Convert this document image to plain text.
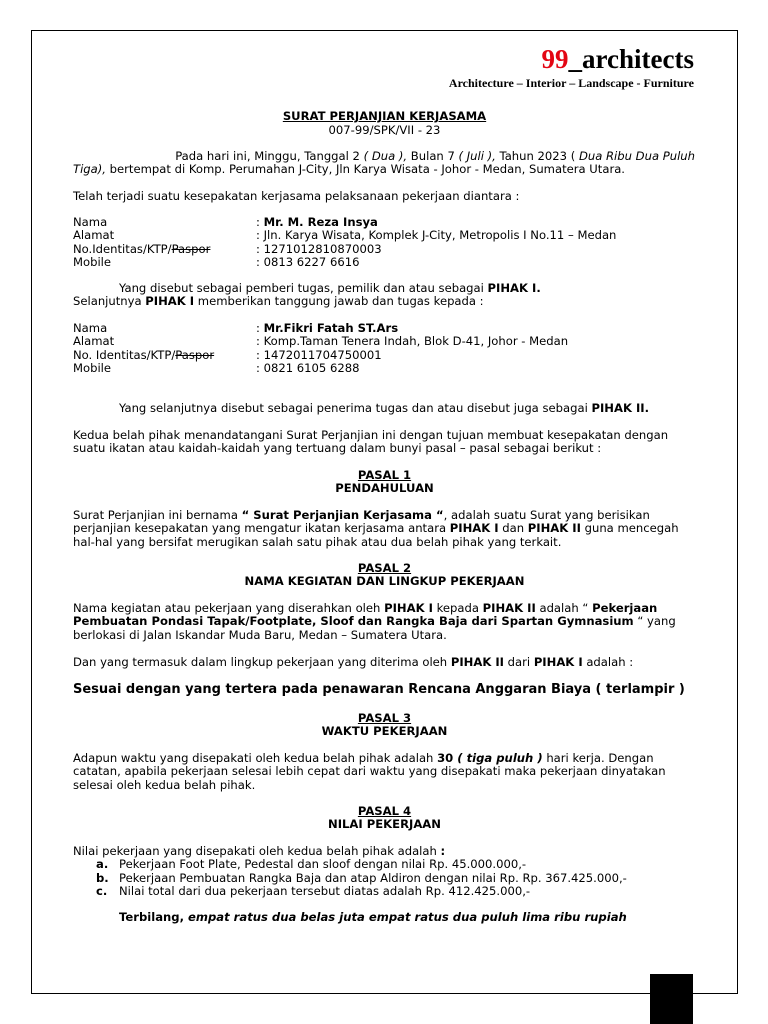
99_architects
Architecture – Interior – Landscape - Furniture
SURAT PERJANJIAN KERJASAMA
007-99/SPK/VII - 23
Pada hari ini, Minggu, Tanggal 2 ( Dua ), Bulan 7 ( Juli ), Tahun 2023 ( Dua Ribu Dua Puluh
Tiga), bertempat di Komp. Perumahan J-City, Jln Karya Wisata - Johor - Medan, Sumatera Utara.
Telah terjadi suatu kesepakatan kerjasama pelaksanaan pekerjaan diantara :
Nama	: Mr. M. Reza Insya
Alamat	: Jln. Karya Wisata, Komplek J-City, Metropolis I No.11 – Medan
No.Identitas/KTP/Paspor	: 1271012810870003
Mobile	: 0813 6227 6616
Yang disebut sebagai pemberi tugas, pemilik dan atau sebagai PIHAK I.
Selanjutnya PIHAK I memberikan tanggung jawab dan tugas kepada :
Nama	: Mr.Fikri Fatah ST.Ars
Alamat	: Komp.Taman Tenera Indah, Blok D-41, Johor - Medan
No. Identitas/KTP/Paspor	: 1472011704750001
Mobile	: 0821 6105 6288
Yang selanjutnya disebut sebagai penerima tugas dan atau disebut juga sebagai PIHAK II.
Kedua belah pihak menandatangani Surat Perjanjian ini dengan tujuan membuat kesepakatan dengan
suatu ikatan atau kaidah-kaidah yang tertuang dalam bunyi pasal – pasal sebagai berikut :
PASAL 1
PENDAHULUAN
Surat Perjanjian ini bernama “ Surat Perjanjian Kerjasama “, adalah suatu Surat yang berisikan
perjanjian kesepakatan yang mengatur ikatan kerjasama antara PIHAK I dan PIHAK II guna mencegah
hal-hal yang bersifat merugikan salah satu pihak atau dua belah pihak yang terkait.
PASAL 2
NAMA KEGIATAN DAN LINGKUP PEKERJAAN
Nama kegiatan atau pekerjaan yang diserahkan oleh PIHAK I kepada PIHAK II adalah “ Pekerjaan
Pembuatan Pondasi Tapak/Footplate, Sloof dan Rangka Baja dari Spartan Gymnasium “ yang
berlokasi di Jalan Iskandar Muda Baru, Medan – Sumatera Utara.
Dan yang termasuk dalam lingkup pekerjaan yang diterima oleh PIHAK II dari PIHAK I adalah :
Sesuai dengan yang tertera pada penawaran Rencana Anggaran Biaya ( terlampir )
PASAL 3
WAKTU PEKERJAAN
Adapun waktu yang disepakati oleh kedua belah pihak adalah 30 ( tiga puluh ) hari kerja. Dengan
catatan, apabila pekerjaan selesai lebih cepat dari waktu yang disepakati maka pekerjaan dinyatakan
selesai oleh kedua belah pihak.
PASAL 4
NILAI PEKERJAAN
Nilai pekerjaan yang disepakati oleh kedua belah pihak adalah :
a. Pekerjaan Foot Plate, Pedestal dan sloof dengan nilai Rp. 45.000.000,-
b. Pekerjaan Pembuatan Rangka Baja dan atap Aldiron dengan nilai Rp. Rp. 367.425.000,-
c. Nilai total dari dua pekerjaan tersebut diatas adalah Rp. 412.425.000,-
Terbilang, empat ratus dua belas juta empat ratus dua puluh lima ribu rupiah
